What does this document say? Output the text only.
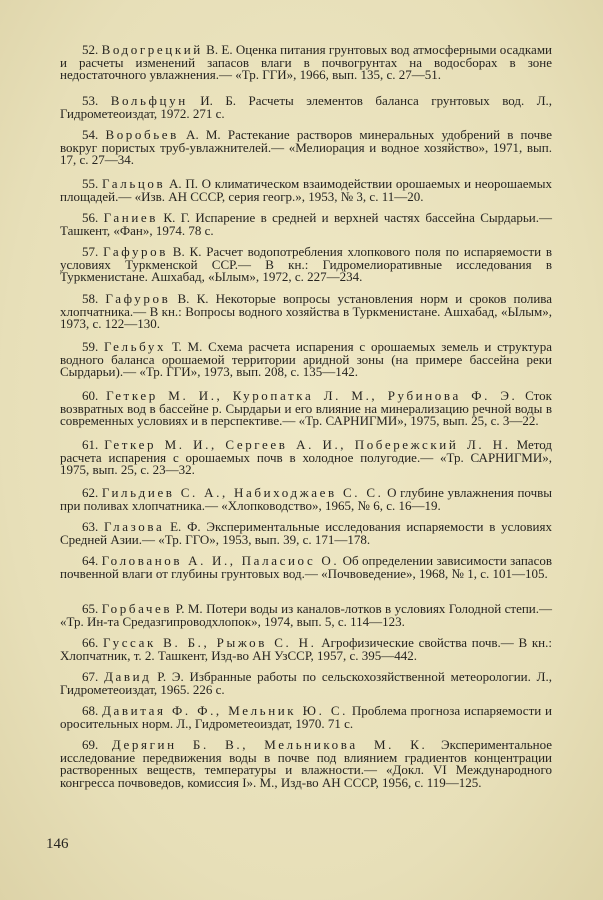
52. Водогрецкий В. Е. Оценка питания грунтовых вод атмосферными осадками и расчеты изменений запасов влаги в почвогрунтах на водосборах в зоне недостаточного увлажнения.— «Тр. ГГИ», 1966, вып. 135, с. 27—51.
53. Вольфцун И. Б. Расчеты элементов баланса грунтовых вод. Л., Гидрометеоиздат, 1972. 271 с.
54. Воробьев А. М. Растекание растворов минеральных удобрений в почве вокруг пористых труб-увлажнителей.— «Мелиорация и водное хозяйство», 1971, вып. 17, с. 27—34.
55. Гальцов А. П. О климатическом взаимодействии орошаемых и неорошаемых площадей.— «Изв. АН СССР, серия геогр.», 1953, № 3, с. 11—20.
56. Ганиев К. Г. Испарение в средней и верхней частях бассейна Сырдарьи.— Ташкент, «Фан», 1974. 78 с.
57. Гафуров В. К. Расчет водопотребления хлопкового поля по испаряемости в условиях Туркменской ССР.— В кн.: Гидромелиоративные исследования в Туркменистане. Ашхабад, «Ылым», 1972, с. 227—234.
58. Гафуров В. К. Некоторые вопросы установления норм и сроков полива хлопчатника.— В кн.: Вопросы водного хозяйства в Туркменистане. Ашхабад, «Ылым», 1973, с. 122—130.
59. Гельбух Т. М. Схема расчета испарения с орошаемых земель и структура водного баланса орошаемой территории аридной зоны (на примере бассейна реки Сырдарьи).— «Тр. ГГИ», 1973, вып. 208, с. 135—142.
60. Геткер М. И., Куропатка Л. М., Рубинова Ф. Э. Сток возвратных вод в бассейне р. Сырдарьи и его влияние на минерализацию речной воды в современных условиях и в перспективе.— «Тр. САРНИГМИ», 1975, вып. 25, с. 3—22.
61. Геткер М. И., Сергеев А. И., Побережский Л. Н. Метод расчета испарения с орошаемых почв в холодное полугодие.— «Тр. САРНИГМИ», 1975, вып. 25, с. 23—32.
62. Гильдиев С. А., Набиходжаев С. С. О глубине увлажнения почвы при поливах хлопчатника.— «Хлопководство», 1965, № 6, с. 16—19.
63. Глазова Е. Ф. Экспериментальные исследования испаряемости в условиях Средней Азии.— «Тр. ГГО», 1953, вып. 39, с. 171—178.
64. Голованов А. И., Паласиос О. Об определении зависимости запасов почвенной влаги от глубины грунтовых вод.— «Почвоведение», 1968, № 1, с. 101—105.
65. Горбачев Р. М. Потери воды из каналов-лотков в условиях Голодной степи.— «Тр. Ин-та Средазгипроводхлопок», 1974, вып. 5, с. 114—123.
66. Гуссак В. Б., Рыжов С. Н. Агрофизические свойства почв.— В кн.: Хлопчатник, т. 2. Ташкент, Изд-во АН УзССР, 1957, с. 395—442.
67. Давид Р. Э. Избранные работы по сельскохозяйственной метеорологии. Л., Гидрометеоиздат, 1965. 226 с.
68. Давитая Ф. Ф., Мельник Ю. С. Проблема прогноза испаряемости и оросительных норм. Л., Гидрометеоиздат, 1970. 71 с.
69. Дерягин Б. В., Мельникова М. К. Экспериментальное исследование передвижения воды в почве под влиянием градиентов концентрации растворенных веществ, температуры и влажности.— «Докл. VI Международного конгресса почвоведов, комиссия I». М., Изд-во АН СССР, 1956, с. 119—125.
146
